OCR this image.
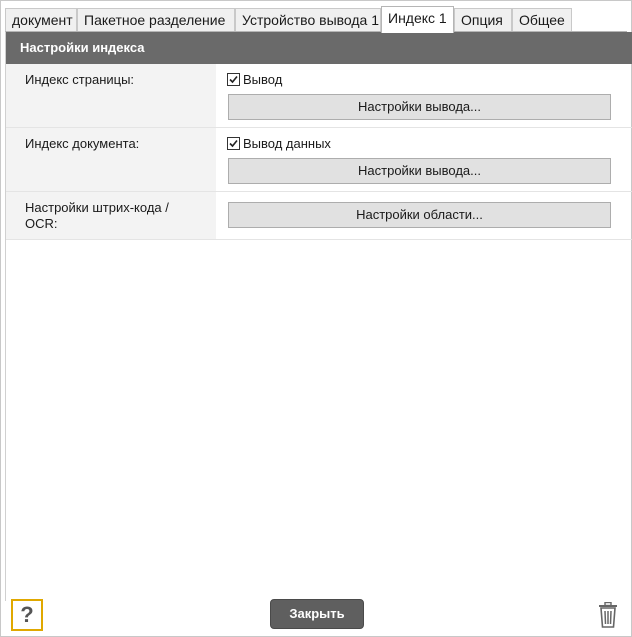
документ Пакетное разделение	Устройство вывода 1 Индекс 1	Опция	Общее
Настройки индекса
Индекс страницы:	Вывод
Настройки вывода...
Индекс документа:	Вывод данных
Настройки вывода...
Настройки штрих-кода / OCR:
Настройки области...
?	Закрыть
